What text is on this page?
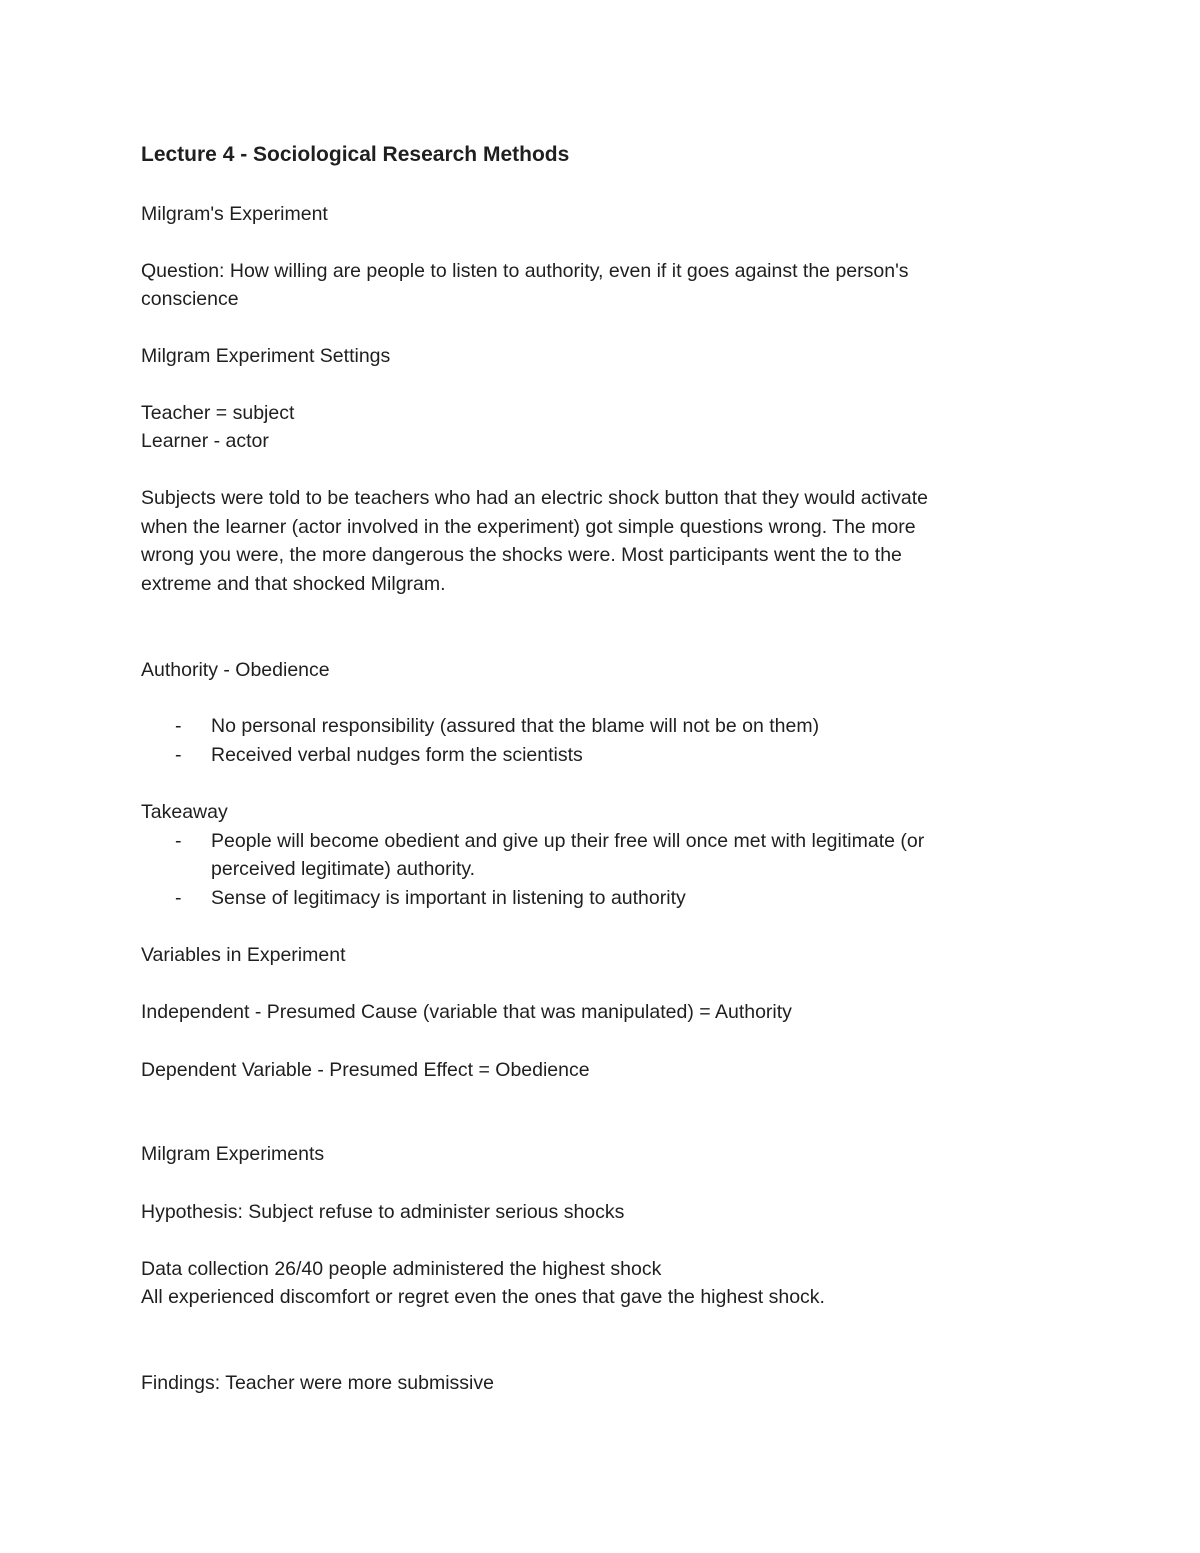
Lecture 4 - Sociological Research Methods
Milgram's Experiment
Question: How willing are people to listen to authority, even if it goes against the person's
conscience
Milgram Experiment Settings
Teacher = subject
Learner - actor
Subjects were told to be teachers who had an electric shock button that they would activate
when the learner (actor involved in the experiment) got simple questions wrong. The more
wrong you were, the more dangerous the shocks were. Most participants went the to the
extreme and that shocked Milgram.
Authority - Obedience
- No personal responsibility (assured that the blame will not be on them)
- Received verbal nudges form the scientists
Takeaway
- People will become obedient and give up their free will once met with legitimate (or
perceived legitimate) authority.
- Sense of legitimacy is important in listening to authority
Variables in Experiment
Independent - Presumed Cause (variable that was manipulated) = Authority
Dependent Variable - Presumed Effect = Obedience
Milgram Experiments
Hypothesis: Subject refuse to administer serious shocks
Data collection 26/40 people administered the highest shock
All experienced discomfort or regret even the ones that gave the highest shock.
Findings: Teacher were more submissive
